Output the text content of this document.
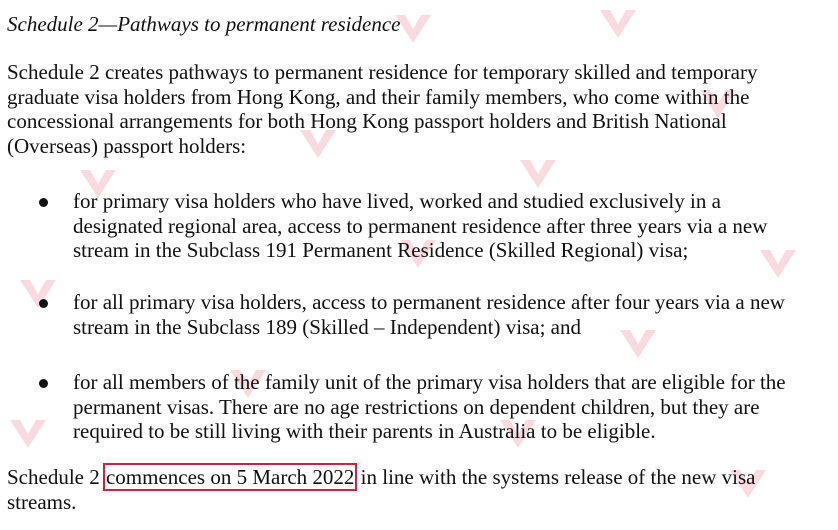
Schedule 2—Pathways to permanent residence
Schedule 2 creates pathways to permanent residence for temporary skilled and temporary
graduate visa holders from Hong Kong, and their family members, who come within the
concessional arrangements for both Hong Kong passport holders and British National
(Overseas) passport holders:
for primary visa holders who have lived, worked and studied exclusively in a
designated regional area, access to permanent residence after three years via a new
stream in the Subclass 191 Permanent Residence (Skilled Regional) visa;
for all primary visa holders, access to permanent residence after four years via a new
stream in the Subclass 189 (Skilled – Independent) visa; and
for all members of the family unit of the primary visa holders that are eligible for the
permanent visas. There are no age restrictions on dependent children, but they are
required to be still living with their parents in Australia to be eligible.
Schedule 2 commences on 5 March 2022 in line with the systems release of the new visa
streams.
